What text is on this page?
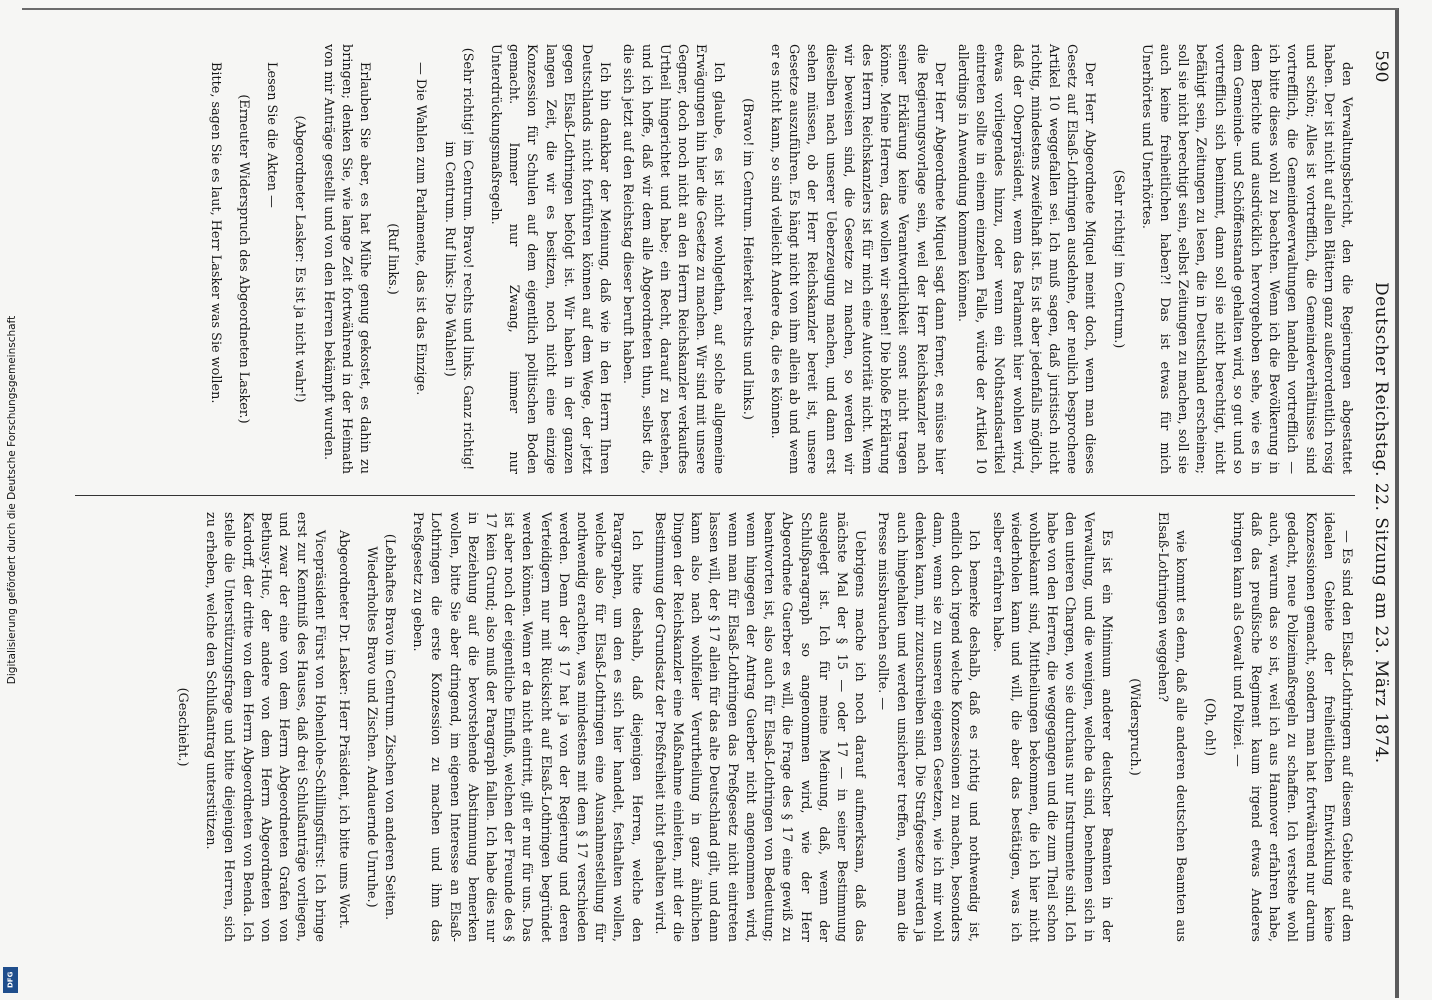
Digitalisierung gefördert durch die Deutsche Forschungsgemeinschaft
DFG
590
Deutscher Reichstag. 22. Sitzung am 23. März 1874.

den Verwaltungsbericht, den die Regierungen abgestattet haben. Der ist nicht auf allen Blättern ganz außerordentlich rosig und schön; Alles ist vortrefflich, die Gemeindeverhältnisse sind vortrefflich, die Gemeindeverwaltungen handeln vortrefflich — ich bitte dieses wohl zu beachten. Wenn ich die Bevölkerung in dem Berichte und ausdrücklich hervorgehoben sehe, wie es in dem Gemeinde- und Schöffenstande gehalten wird, so gut und so vortrefflich sich benimmt, dann soll sie nicht berechtigt, nicht befähigt sein, Zeitungen zu lesen, die in Deutschland erscheinen; soll sie nicht berechtigt sein, selbst Zeitungen zu machen, soll sie auch keine freiheitlichen haben?! Das ist etwas für mich Unerhörtes und Unerhörtes.

(Sehr richtig! im Centrum.)

Der Herr Abgeordnete Miquel meint doch, wenn man dieses Gesetz auf Elsaß-Lothringen ausdehne, der neulich besprochene Artikel 10 weggefallen sei. Ich muß sagen, daß juristisch nicht richtig, mindestens zweifelhaft ist. Es ist aber jedenfalls möglich, daß der Oberpräsident, wenn das Parlament hier wohlen wird, etwas vorliegendes hinzu, oder wenn ein Nothstandsartikel eintreten sollte in einem einzelnen Falle, würde der Artikel 10 allerdings in Anwendung kommen können.

Der Herr Abgeordnete Miquel sagt dann ferner, es müsse hier die Regierungsvorlage sein, weil der Herr Reichskanzler nach seiner Erklärung keine Verantwortlichkeit sonst nicht tragen könne. Meine Herren, das wollen wir sehen! Die bloße Erklärung des Herrn Reichskanzlers ist für mich eine Autorität nicht. Wenn wir beweisen sind, die Gesetze zu machen, so werden wir dieselben nach unserer Ueberzeugung machen, und dann erst sehen müssen, ob der Herr Reichskanzler bereit ist, unsere Gesetze auszuführen. Es hängt nicht von ihm allein ab und wenn er es nicht kann, so sind vielleicht Andere da, die es können.

(Bravo! im Centrum. Heiterkeit rechts und links.)

Ich glaube, es ist nicht wohlgethan, auf solche allgemeine Erwägungen hin hier die Gesetze zu machen. Wir sind mit unsere Gegner, doch noch nicht an den Herrn Reichskanzler verkauftes Urtheil hingerichtet und habe; ein Recht, darauf zu bestehen, und ich hoffe, daß wir dem alle Abgeordneten thun, selbst die, die sich jetzt auf den Reichstag dieser beruft haben.

Ich bin dankbar der Meinung, daß wie in den Herrn Ihren Deutschlands nicht fortführen können auf dem Wege, der jetzt gegen Elsaß-Lothringen befolgt ist. Wir haben in der ganzen langen Zeit, die wir es besitzen, noch nicht eine einzige Konzession für Schulen auf dem eigentlich politischen Boden gemacht. Immer nur Zwang, immer nur Unterdrückungsmaßregeln.

(Sehr richtig! im Centrum. Bravo! rechts und links. Ganz richtig! im Centrum. Ruf links: Die Wahlen!)

— Die Wahlen zum Parlamente, das ist das Einzige.

(Ruf links.)

Erlauben Sie aber, es hat Mühe genug gekostet, es dahin zu bringen; denken Sie, wie lange Zeit fortwährend in der Heimath von mir Anträge gestellt und von den Herren bekämpft wurden.

(Abgeordneter Lasker: Es ist ja nicht wahr!)

Lesen Sie die Akten —

(Erneuter Widerspruch des Abgeordneten Lasker.)

Bitte, sagen Sie es laut, Herr Lasker was Sie wollen.

— Es sind den Elsaß-Lothringern auf diesem Gebiete auf dem idealen Gebiete der freiheitlichen Entwicklung keine Konzessionen gemacht, sondern man hat fortwährend nur darum gedacht, neue Polizeimaßregeln zu schaffen. Ich verstehe wohl auch, warum das so ist, weil ich aus Hannover erfahren habe, daß das preußische Regiment kaum irgend etwas Anderes bringen kann als Gewalt und Polizei. —

(Oh, oh!)

wie kommt es denn, daß alle anderen deutschen Beamten aus Elsaß-Lothringen weggehen?

(Widerspruch.)

Es ist ein Minimum anderer deutscher Beamten in der Verwaltung, und die wenigen, welche da sind, benehmen sich in den unteren Chargen, wo sie durchaus nur Instrumente sind. Ich habe von den Herren, die weggegangen und die zum Theil schon wohlbekannt sind, Mittheilungen bekommen, die ich hier nicht wiederholen kann und will, die aber das bestätigen, was ich selber erfahren habe.

Ich bemerke deshalb, daß es richtig und nothwendig ist, endlich doch irgend welche Konzessionen zu machen, besonders dann, wenn sie zu unseren eigenen Gesetzen, wie ich mir wohl denken kann, mir zuzuschreiben sind. Die Strafgesetze werden ja auch hingehalten und werden unsicherer treffen, wenn man die Presse missbrauchen sollte. —

Uebrigens mache ich noch darauf aufmerksam, daß das nächste Mal der § 15 — oder 17 — in seiner Bestimmung ausgelegt ist. Ich für meine Meinung, daß, wenn der Schlußparagraph so angenommen wird, wie der Herr Abgeordnete Guerber es will, die Frage des § 17 eine gewiß zu beantworten ist, also auch für Elsaß-Lothringen von Bedeutung; wenn hingegen der Antrag Guerber nicht angenommen wird, wenn man für Elsaß-Lothringen das Preßgesetz nicht eintreten lassen will, der § 17 allein für das alte Deutschland gilt, und dann kann also nach wohlfeiler Verurtheilung in ganz ähnlichen Dingen der Reichskanzler eine Maßnahme einleiten, mit der die Bestimmung der Grundsatz der Preßfreiheit nicht gehalten wird.

Ich bitte deshalb, daß diejenigen Herren, welche den Paragraphen, um den es sich hier handelt, festhalten wollen, welche also für Elsaß-Lothringen eine Ausnahmestellung für nothwendig erachten, was mindestens mit dem § 17 verschieden werden. Denn der § 17 hat ja von der Regierung und deren Verteidigern nur mit Rücksicht auf Elsaß-Lothringen begründet werden können. Wenn er da nicht eintritt, gilt er nur für uns. Das ist aber noch der eigentliche Einfluß, welchen der Freunde des § 17 kein Grund; also muß der Paragraph fallen. Ich habe dies nur in Beziehung auf die bevorstehende Abstimmung bemerken wollen, bitte Sie aber dringend, im eigenen Interesse an Elsaß-Lothringen die erste Konzession zu machen und ihm das Preßgesetz zu geben.

(Lebhaftes Bravo im Centrum. Zischen von anderen Seiten. Wiederholtes Bravo und Zischen. Andauernde Unruhe.)

Abgeordneter Dr. Lasker: Herr Präsident, ich bitte ums Wort.

Vicepräsident Fürst von Hohenlohe-Schillingsfürst: Ich bringe erst zur Kenntniß des Hauses, daß drei Schlußanträge vorliegen, und zwar der eine von dem Herrn Abgeordneten Grafen von Bethusy-Huc, der andere von dem Herrn Abgeordneten von Kardorff, der dritte von dem Herrn Abgeordneten von Benda. Ich stelle die Unterstützungsfrage und bitte diejenigen Herren, sich zu erheben, welche den Schlußantrag unterstützen.

(Geschieht.)
